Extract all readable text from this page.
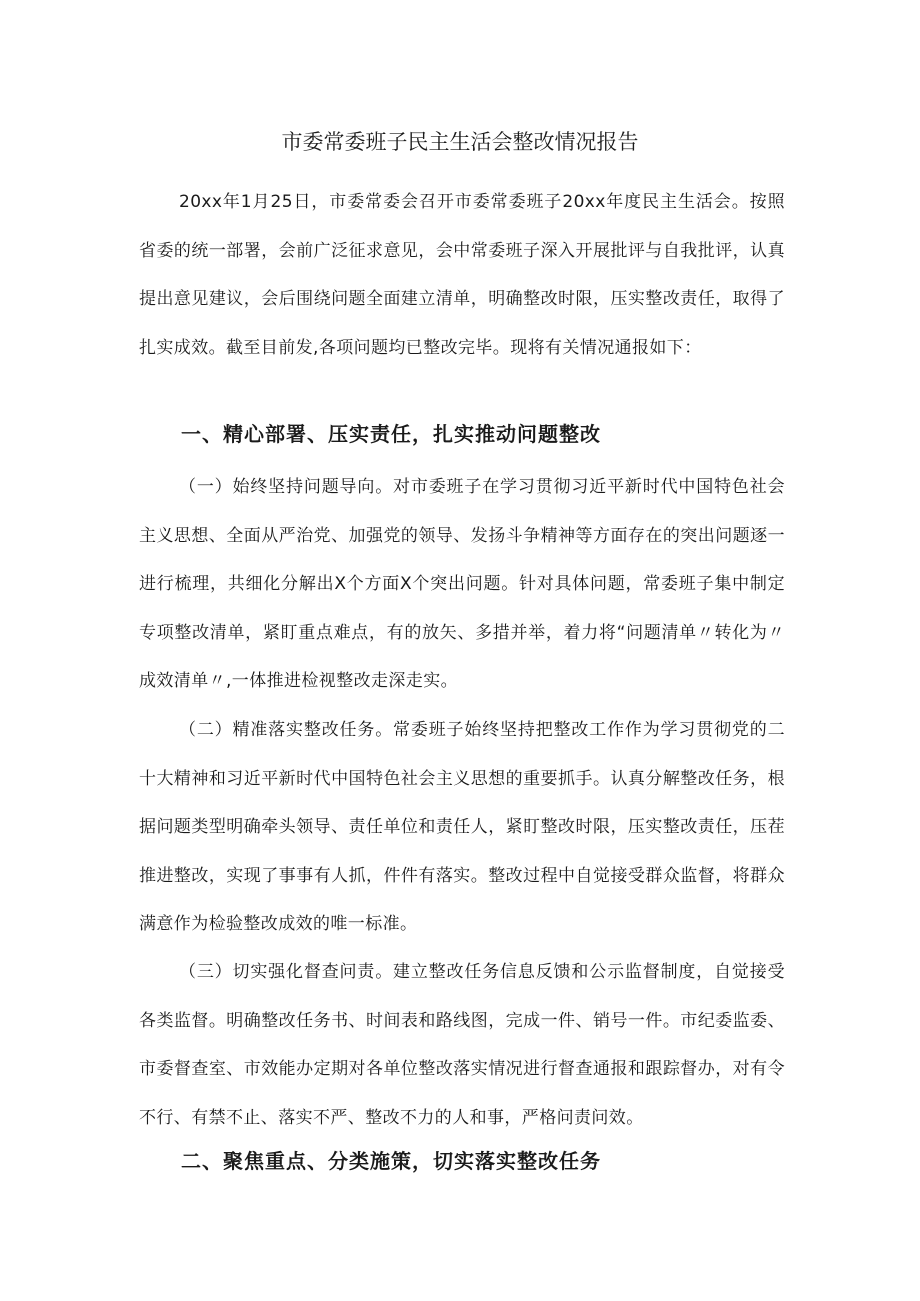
市委常委班子民主生活会整改情况报告

20xx年1月25日，市委常委会召开市委常委班子20xx年度民主生活会。按照省委的统一部署，会前广泛征求意见，会中常委班子深入开展批评与自我批评，认真提出意见建议，会后围绕问题全面建立清单，明确整改时限，压实整改责任，取得了扎实成效。截至目前发,各项问题均已整改完毕。现将有关情况通报如下：

一、精心部署、压实责任，扎实推动问题整改

（一）始终坚持问题导向。对市委班子在学习贯彻习近平新时代中国特色社会主义思想、全面从严治党、加强党的领导、发扬斗争精神等方面存在的突出问题逐一进行梳理，共细化分解出X个方面X个突出问题。针对具体问题，常委班子集中制定专项整改清单，紧盯重点难点，有的放矢、多措并举，着力将“问题清单〃转化为〃成效清单〃,一体推进检视整改走深走实。

（二）精准落实整改任务。常委班子始终坚持把整改工作作为学习贯彻党的二十大精神和习近平新时代中国特色社会主义思想的重要抓手。认真分解整改任务，根据问题类型明确牵头领导、责任单位和责任人，紧盯整改时限，压实整改责任，压茬推进整改，实现了事事有人抓，件件有落实。整改过程中自觉接受群众监督，将群众满意作为检验整改成效的唯一标准。

（三）切实强化督查问责。建立整改任务信息反馈和公示监督制度，自觉接受各类监督。明确整改任务书、时间表和路线图，完成一件、销号一件。市纪委监委、市委督查室、市效能办定期对各单位整改落实情况进行督查通报和跟踪督办，对有令不行、有禁不止、落实不严、整改不力的人和事，严格问责问效。

二、聚焦重点、分类施策，切实落实整改任务
